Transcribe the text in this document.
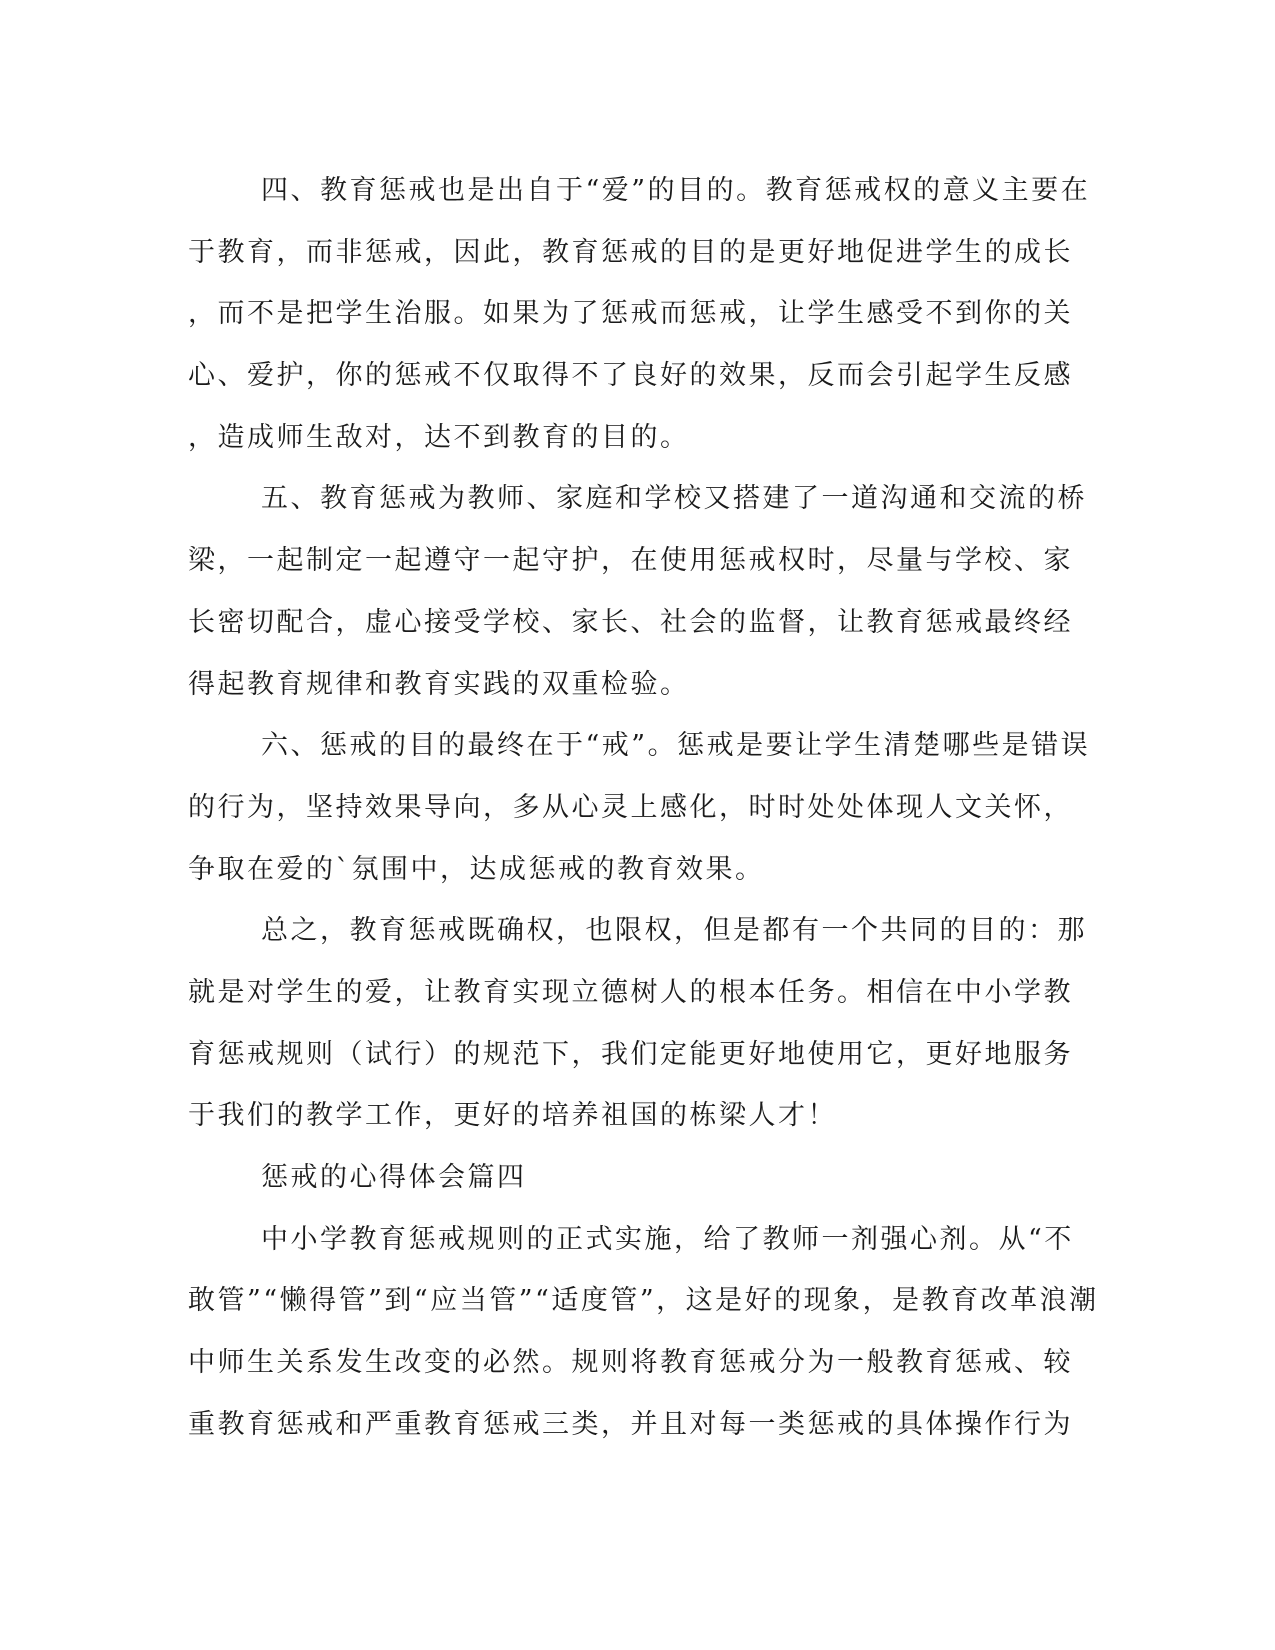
四、教育惩戒也是出自于“爱”的目的。教育惩戒权的意义主要在
于教育，而非惩戒，因此，教育惩戒的目的是更好地促进学生的成长
，而不是把学生治服。如果为了惩戒而惩戒，让学生感受不到你的关
心、爱护，你的惩戒不仅取得不了良好的效果，反而会引起学生反感
，造成师生敌对，达不到教育的目的。
五、教育惩戒为教师、家庭和学校又搭建了一道沟通和交流的桥
梁，一起制定一起遵守一起守护，在使用惩戒权时，尽量与学校、家
长密切配合，虚心接受学校、家长、社会的监督，让教育惩戒最终经
得起教育规律和教育实践的双重检验。
六、惩戒的目的最终在于“戒”。惩戒是要让学生清楚哪些是错误
的行为，坚持效果导向，多从心灵上感化，时时处处体现人文关怀，
争取在爱的`氛围中，达成惩戒的教育效果。
总之，教育惩戒既确权，也限权，但是都有一个共同的目的：那
就是对学生的爱，让教育实现立德树人的根本任务。相信在中小学教
育惩戒规则（试行）的规范下，我们定能更好地使用它，更好地服务
于我们的教学工作，更好的培养祖国的栋梁人才！
惩戒的心得体会篇四
中小学教育惩戒规则的正式实施，给了教师一剂强心剂。从“不
敢管”“懒得管”到“应当管”“适度管”，这是好的现象，是教育改革浪潮
中师生关系发生改变的必然。规则将教育惩戒分为一般教育惩戒、较
重教育惩戒和严重教育惩戒三类，并且对每一类惩戒的具体操作行为
